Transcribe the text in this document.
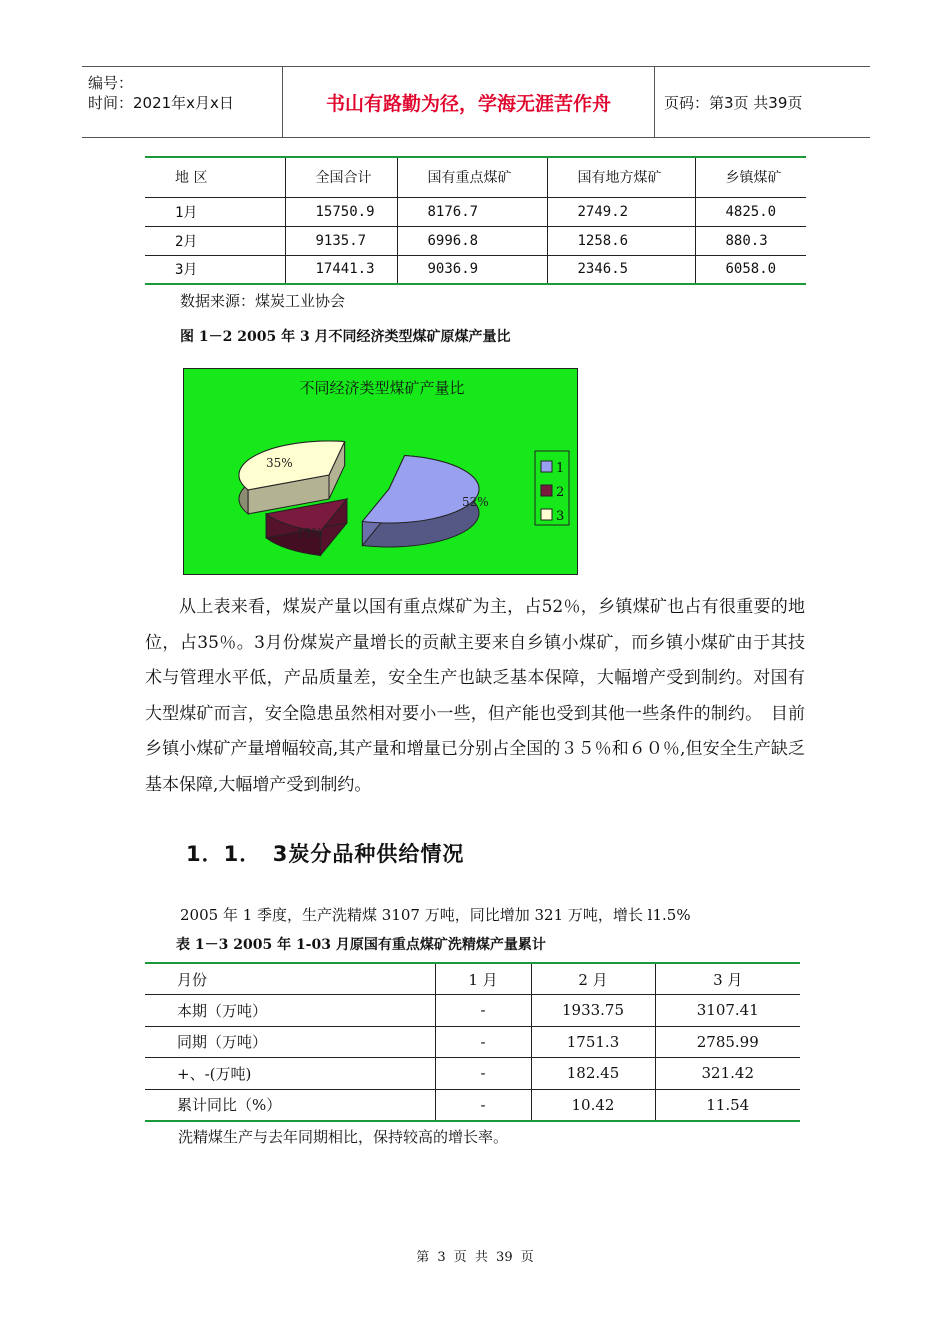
编号：
时间：2021年x月x日	书山有路勤为径，学海无涯苦作舟	页码：第3页 共39页
地 区	全国合计	国有重点煤矿	国有地方煤矿	乡镇煤矿
1月	15750.9	8176.7	2749.2	4825.0
2月	9135.7	6996.8	1258.6	880.3
3月	17441.3	9036.9	2346.5	6058.0
数据来源：煤炭工业协会
图 1－2 2005 年 3 月不同经济类型煤矿原煤产量比
不同经济类型煤矿产量比
52%
13%
35%	1
2
3

从上表来看，煤炭产量以国有重点煤矿为主，占52％，乡镇煤矿也占有很重要的地位，占35％。3月份煤炭产量增长的贡献主要来自乡镇小煤矿，而乡镇小煤矿由于其技术与管理水平低，产品质量差，安全生产也缺乏基本保障，大幅增产受到制约。对国有大型煤矿而言，安全隐患虽然相对要小一些，但产能也受到其他一些条件的制约。　目前乡镇小煤矿产量增幅较高,其产量和增量已分别占全国的３５％和６０％,但安全生产缺乏基本保障,大幅增产受到制约。

1．1．　3炭分品种供给情况
2005 年 1 季度，生产洗精煤 3107 万吨，同比增加 321 万吨，增长 l1.5%
表 1－3 2005 年 1-03 月原国有重点煤矿洗精煤产量累计
月份	1 月	2 月	3 月
本期（万吨）	-	1933.75	3107.41
同期（万吨）	-	1751.3	2785.99
+、-(万吨)	-	182.45	321.42
累计同比（%）	-	10.42	11.54
洗精煤生产与去年同期相比，保持较高的增长率。
第 3 页 共 39 页
